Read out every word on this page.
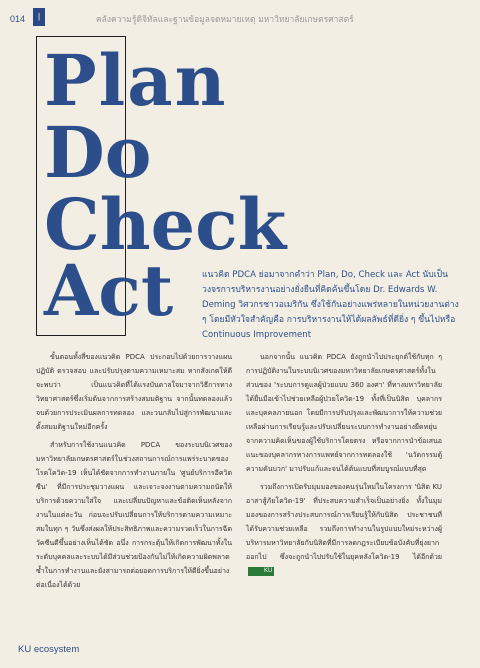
014	|	คลังความรู้ดิจิทัลและฐานข้อมูลจดหมายเหตุ มหาวิทยาลัยเกษตรศาสตร์
Plan
Do
Check
Act	แนวคิด PDCA ย่อมาจากคำว่า Plan, Do, Check และ Act นับเป็นวงจรการบริหารงานอย่างยั่งยืนที่คิดค้นขึ้นโดย Dr. Edwards W. Deming วิศวกรชาวอเมริกัน ซึ่งใช้กันอย่างแพร่หลายในหน่วยงานต่าง ๆ โดยมีหัวใจสำคัญคือ การบริหารงานให้ได้ผลลัพธ์ที่ดียิ่ง ๆ ขึ้นไปหรือ Continuous Improvement

ขั้นตอนทั้งสี่ของแนวคิด PDCA ประกอบไปด้วยการวางแผน ปฏิบัติ ตรวจสอบ และปรับปรุงตามความเหมาะสม หากสังเกตให้ดีจะพบว่า เป็นแนวคิดที่ได้แรงบันดาลใจมาจากวิธีการทางวิทยาศาสตร์ซึ่งเริ่มต้นจากการสร้างสมมติฐาน จากนั้นทดลองแล้วจบด้วยการประเมินผลการทดลอง และวนกลับไปสู่การพัฒนาและตั้งสมมติฐานใหม่อีกครั้ง

สำหรับการใช้งานแนวคิด PDCA ของระบบนิเวศของมหาวิทยาลัยเกษตรศาสตร์ในช่วงสถานการณ์การแพร่ระบาดของโรคโควิด-19 เห็นได้ชัดจากการทำงานภายใน 'ศูนย์บริการอีควิตซีน' ที่มีการประชุมวางแผน และเจาะจงงานตามความถนัดให้บริการด้วยความใส่ใจ และเปลี่ยนปัญหาและข้อติดเห็นหลังจากงานในแต่ละวัน ก่อนจะปรับเปลี่ยนการให้บริการตามความเหมาะสมในทุก ๆ วันซึ่งส่งผลให้ประสิทธิภาพและความรวดเร็วในการฉีดวัคซีนดีขึ้นอย่างเห็นได้ชัด อนึ่ง การกระตุ้นให้เกิดการพัฒนาทั้งในระดับบุคคลและระบบได้มีส่วนช่วยป้องกันไม่ให้เกิดความผิดพลาดซ้ำในการทำงานและยังสามารถต่อยอดการบริการให้ดียิ่งขึ้นอย่างต่อเนื่องได้ด้วย

นอกจากนั้น แนวคิด PDCA ยังถูกนำไปประยุกต์ใช้กับทุก ๆ การปฏิบัติงานในระบบนิเวศของมหาวิทยาลัยเกษตรศาสตร์ทั้งในส่วนของ 'ระบบการดูแลผู้ป่วยแบบ 360 องศา' ที่ทางมหาวิทยาลัยได้ยื่นมือเข้าไปช่วยเหลือผู้ป่วยโควิด-19 ทั้งที่เป็นนิสิต บุคลากร และบุคคลภายนอก โดยมีการปรับปรุงและพัฒนาการให้ความช่วยเหลือผ่านการเรียนรู้และปรับเปลี่ยนระบบการทำงานอย่างยืดหยุ่นจากความคิดเห็นของผู้ใช้บริการโดยตรง หรือจากการนำข้อเสนอแนะของบุคลากรทางการแพทย์จากการทดลองใช้ 'นวัตกรรมตู้ความดันบวก' มาปรับแก้และจนได้ต้นแบบที่สมบูรณ์แบบที่สุด

รวมถึงการเปิดรับมุมมองของคนรุ่นใหม่ในโครงการ 'นิสิต KU อาสาสู้ภัยโควิด-19' ที่ประสบความสำเร็จเป็นอย่างยิ่ง ทั้งในมุมมองของการสร้างประสบการณ์การเรียนรู้ให้กับนิสิต ประชาชนที่ได้รับความช่วยเหลือ รวมถึงการทำงานในรูปแบบใหม่ระหว่างผู้บริหารมหาวิทยาลัยกับนิสิตที่มีการลดกฎระเบียบข้อบังคับที่ยุ่งยากออกไป ซึ่งจะถูกนำไปปรับใช้ในยุคหลังโควิด-19 ได้อีกด้วยKU

KU ecosystem
